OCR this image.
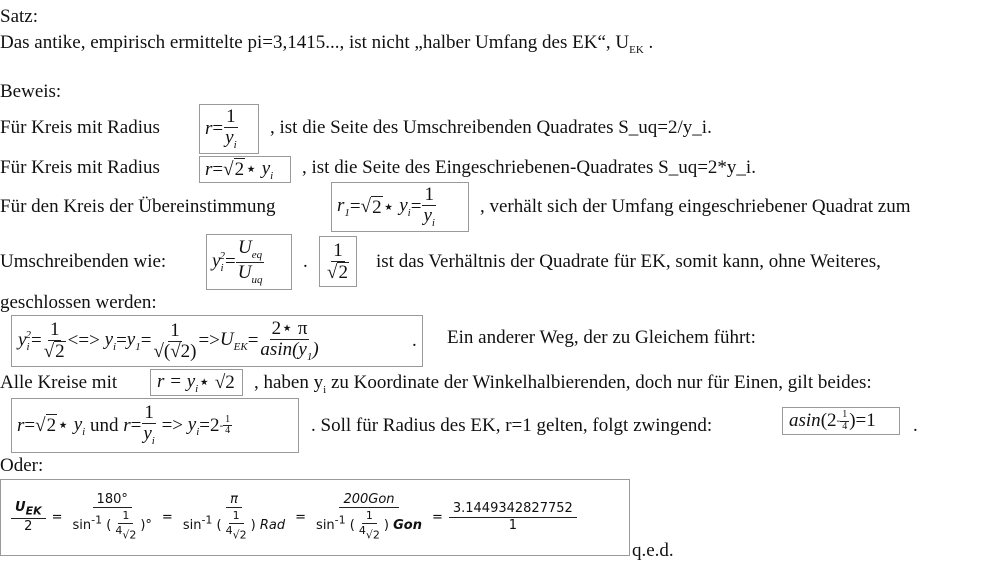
Satz:
Das antike, empirisch ermittelte pi=3,1415..., ist nicht „halber Umfang des EK“, $U_{EK}$ .
Beweis:
Für Kreis mit Radius $r = \frac{1}{y_i}$ , ist die Seite des Umschreibenden Quadrates S_uq=2/y_i.
Für Kreis mit Radius r =√ 2 ⋆ $y_i$ , ist die Seite des Eingeschriebenen-Quadrates S_uq=2*y_i.
Für den Kreis der Übereinstimmung	$r_1$ =√ 2 ⋆ $y_i = \frac{1}{y_i}$ , verhält sich der Umfang eingeschriebener Quadrat zum
Umschreibenden wie: $y_i^2 = \frac{U_{eq}}{U_{uq}}$ . $\frac{1}{√ 2}$ ist das Verhältnis der Quadrate für EK, somit kann, ohne Weiteres,
geschlossen werden:
$y_i^2 = \frac{1}{√ 2}$ <=>
$y_i = y_1 = \frac{1}{√(√2)} => U_{EK} = \frac{2⋆ \pi}{asin(y_1)}$	. Ein anderer Weg, der zu Gleichem führt:
Alle Kreise mit $r = y_i$ ⋆ √2 , haben $y_i$ zu Koordinate der Winkelhalbierenden, doch nur für Einen, gilt beides:
r =√ 2 ⋆ $y_i$
und
$r = \frac{1}{y_i}$
=>
$y_i = 2 - \frac{1}{4}$	. Soll für Radius des EK, r=1 gelten, folgt zwingend:	asin ( $2 - \frac{1}{4}$ )= 1 .
Oder:
$\frac{U_{EK}}{2} = \frac{180^\circ}{\sin^{-1} ( \frac{1}{^4√2} )^\circ} = \frac{\pi}{\sin^{-1} ( \frac{1}{^4√2} ) Rad} = \frac{\text{200Gon}}{\sin^{-1} ( \frac{1}{^4√2} ) Gon} = \frac{3.1449342827752}{1}$
q.e.d.
